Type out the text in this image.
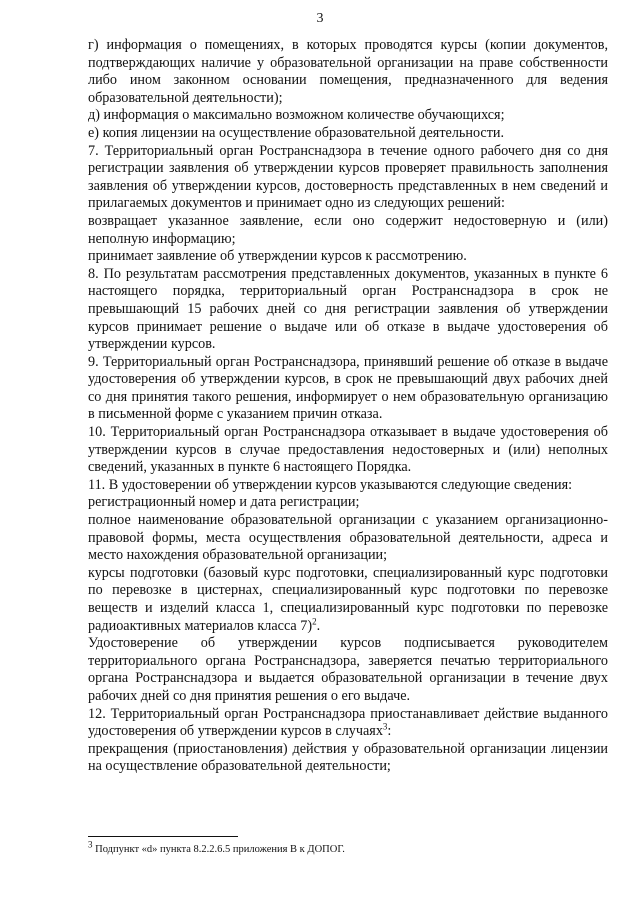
3

г) информация о помещениях, в которых проводятся курсы (копии документов, подтверждающих наличие у образовательной организации на праве собственности либо ином законном основании помещения, предназначенного для ведения образовательной деятельности);

д) информация о максимально возможном количестве обучающихся;

е) копия лицензии на осуществление образовательной деятельности.

7. Территориальный орган Ространснадзора в течение одного рабочего дня со дня регистрации заявления об утверждении курсов проверяет правильность заполнения заявления об утверждении курсов, достоверность представленных в нем сведений и прилагаемых документов и принимает одно из следующих решений:

возвращает указанное заявление, если оно содержит недостоверную и (или) неполную информацию;

принимает заявление об утверждении курсов к рассмотрению.

8. По результатам рассмотрения представленных документов, указанных в пункте 6 настоящего порядка, территориальный орган Ространснадзора в срок не превышающий 15 рабочих дней со дня регистрации заявления об утверждении курсов принимает решение о выдаче или об отказе в выдаче удостоверения об утверждении курсов.

9. Территориальный орган Ространснадзора, принявший решение об отказе в выдаче удостоверения об утверждении курсов, в срок не превышающий двух рабочих дней со дня принятия такого решения, информирует о нем образовательную организацию в письменной форме с указанием причин отказа.

10. Территориальный орган Ространснадзора отказывает в выдаче удостоверения об утверждении курсов в случае предоставления недостоверных и (или) неполных сведений, указанных в пункте 6 настоящего Порядка.

11. В удостоверении об утверждении курсов указываются следующие сведения:

регистрационный номер и дата регистрации;

полное наименование образовательной организации с указанием организационно-правовой формы, места осуществления образовательной деятельности, адреса и место нахождения образовательной организации;

курсы подготовки (базовый курс подготовки, специализированный курс подготовки по перевозке в цистернах, специализированный курс подготовки по перевозке веществ и изделий класса 1, специализированный курс подготовки по перевозке радиоактивных материалов класса 7)$^2$.

Удостоверение об утверждении курсов подписывается руководителем территориального органа Ространснадзора, заверяется печатью территориального органа Ространснадзора и выдается образовательной организации в течение двух рабочих дней со дня принятия решения о его выдаче.

12. Территориальный орган Ространснадзора приостанавливает действие выданного удостоверения об утверждении курсов в случаях$^3$:

прекращения (приостановления) действия у образовательной организации лицензии на осуществление образовательной деятельности;

$^3$ Подпункт «d» пункта 8.2.2.6.5 приложения В к ДОПОГ.
